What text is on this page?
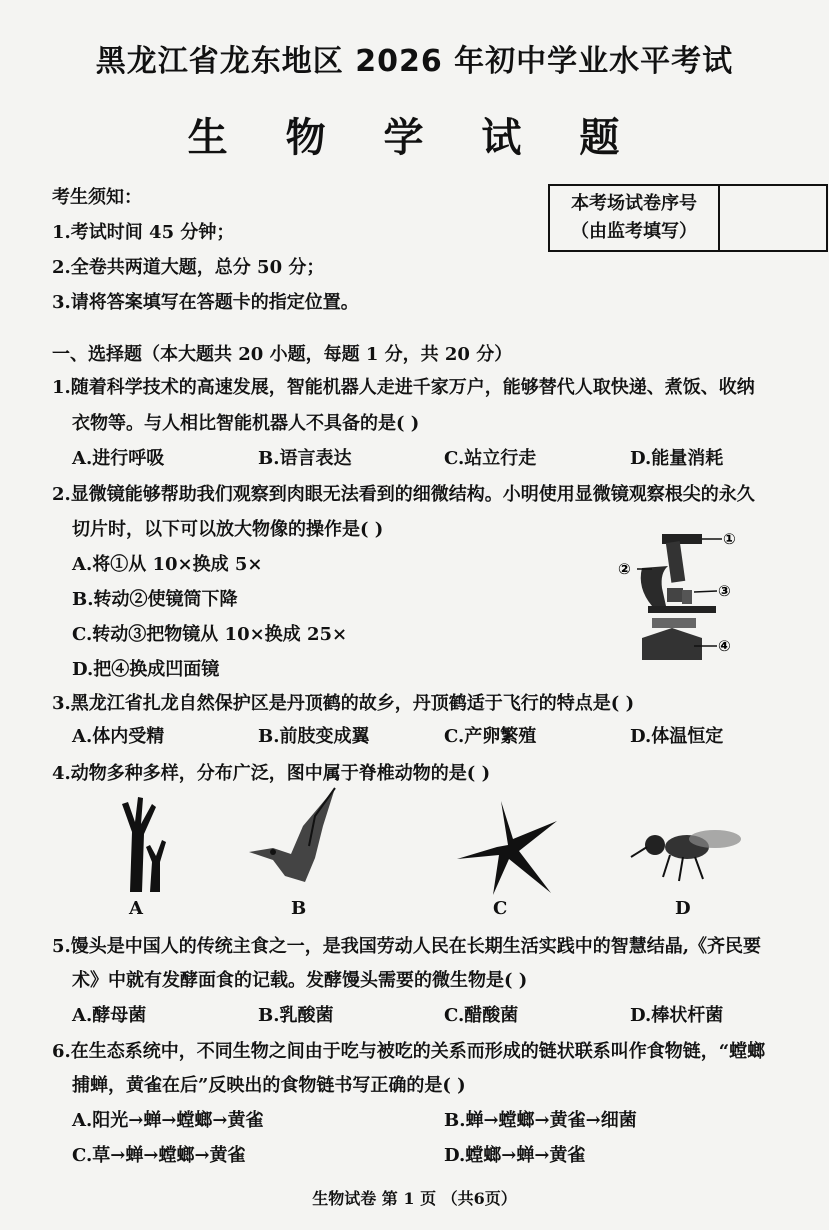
黑龙江省龙东地区 2026 年初中学业水平考试
生 物 学 试 题
考生须知：
1.考试时间 45 分钟；
2.全卷共两道大题，总分 50 分；
3.请将答案填写在答题卡的指定位置。
本考场试卷序号
（由监考填写）
一、选择题（本大题共 20 小题，每题 1 分，共 20 分）
1.随着科学技术的高速发展，智能机器人走进千家万户，能够替代人取快递、煮饭、收纳
衣物等。与人相比智能机器人不具备的是( )
A.进行呼吸	B.语言表达	C.站立行走	D.能量消耗
2.显微镜能够帮助我们观察到肉眼无法看到的细微结构。小明使用显微镜观察根尖的永久
切片时，以下可以放大物像的操作是( )
A.将①从 10×换成 5×
B.转动②使镜筒下降
C.转动③把物镜从 10×换成 25×
D.把④换成凹面镜
①
②
③
④
3.黑龙江省扎龙自然保护区是丹顶鹤的故乡，丹顶鹤适于飞行的特点是( )
A.体内受精	B.前肢变成翼	C.产卵繁殖	D.体温恒定
4.动物多种多样，分布广泛，图中属于脊椎动物的是( )
A	B	C	D
5.馒头是中国人的传统主食之一，是我国劳动人民在长期生活实践中的智慧结晶,《齐民要
术》中就有发酵面食的记载。发酵馒头需要的微生物是( )
A.酵母菌	B.乳酸菌	C.醋酸菌	D.棒状杆菌
6.在生态系统中，不同生物之间由于吃与被吃的关系而形成的链状联系叫作食物链，“螳螂
捕蝉，黄雀在后”反映出的食物链书写正确的是( )
A.阳光→蝉→螳螂→黄雀	B.蝉→螳螂→黄雀→细菌
C.草→蝉→螳螂→黄雀	D.螳螂→蝉→黄雀
生物试卷 第 1 页 （共6页）
